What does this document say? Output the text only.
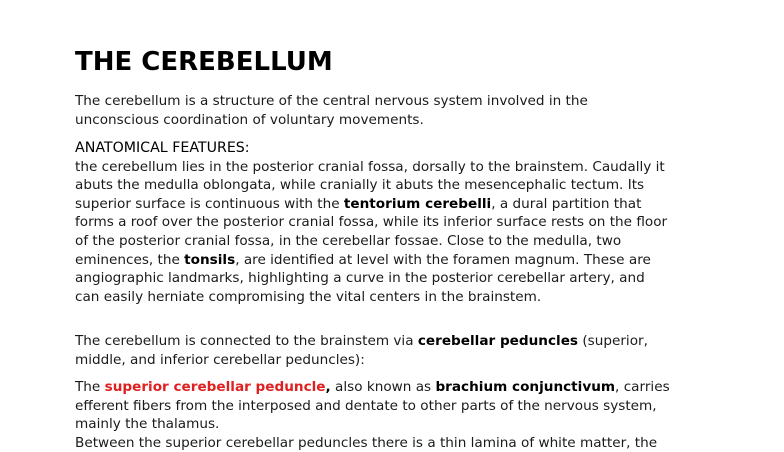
THE CEREBELLUM

The cerebellum is a structure of the central nervous system involved in the
unconscious coordination of voluntary movements.

ANATOMICAL FEATURES:
the cerebellum lies in the posterior cranial fossa, dorsally to the brainstem. Caudally it
abuts the medulla oblongata, while cranially it abuts the mesencephalic tectum. Its
superior surface is continuous with the tentorium cerebelli, a dural partition that
forms a roof over the posterior cranial fossa, while its inferior surface rests on the floor
of the posterior cranial fossa, in the cerebellar fossae. Close to the medulla, two
eminences, the tonsils, are identified at level with the foramen magnum. These are
angiographic landmarks, highlighting a curve in the posterior cerebellar artery, and
can easily herniate compromising the vital centers in the brainstem.

The cerebellum is connected to the brainstem via cerebellar peduncles (superior,
middle, and inferior cerebellar peduncles):

The superior cerebellar peduncle, also known as brachium conjunctivum, carries
efferent fibers from the interposed and dentate to other parts of the nervous system,
mainly the thalamus.
Between the superior cerebellar peduncles there is a thin lamina of white matter, the
